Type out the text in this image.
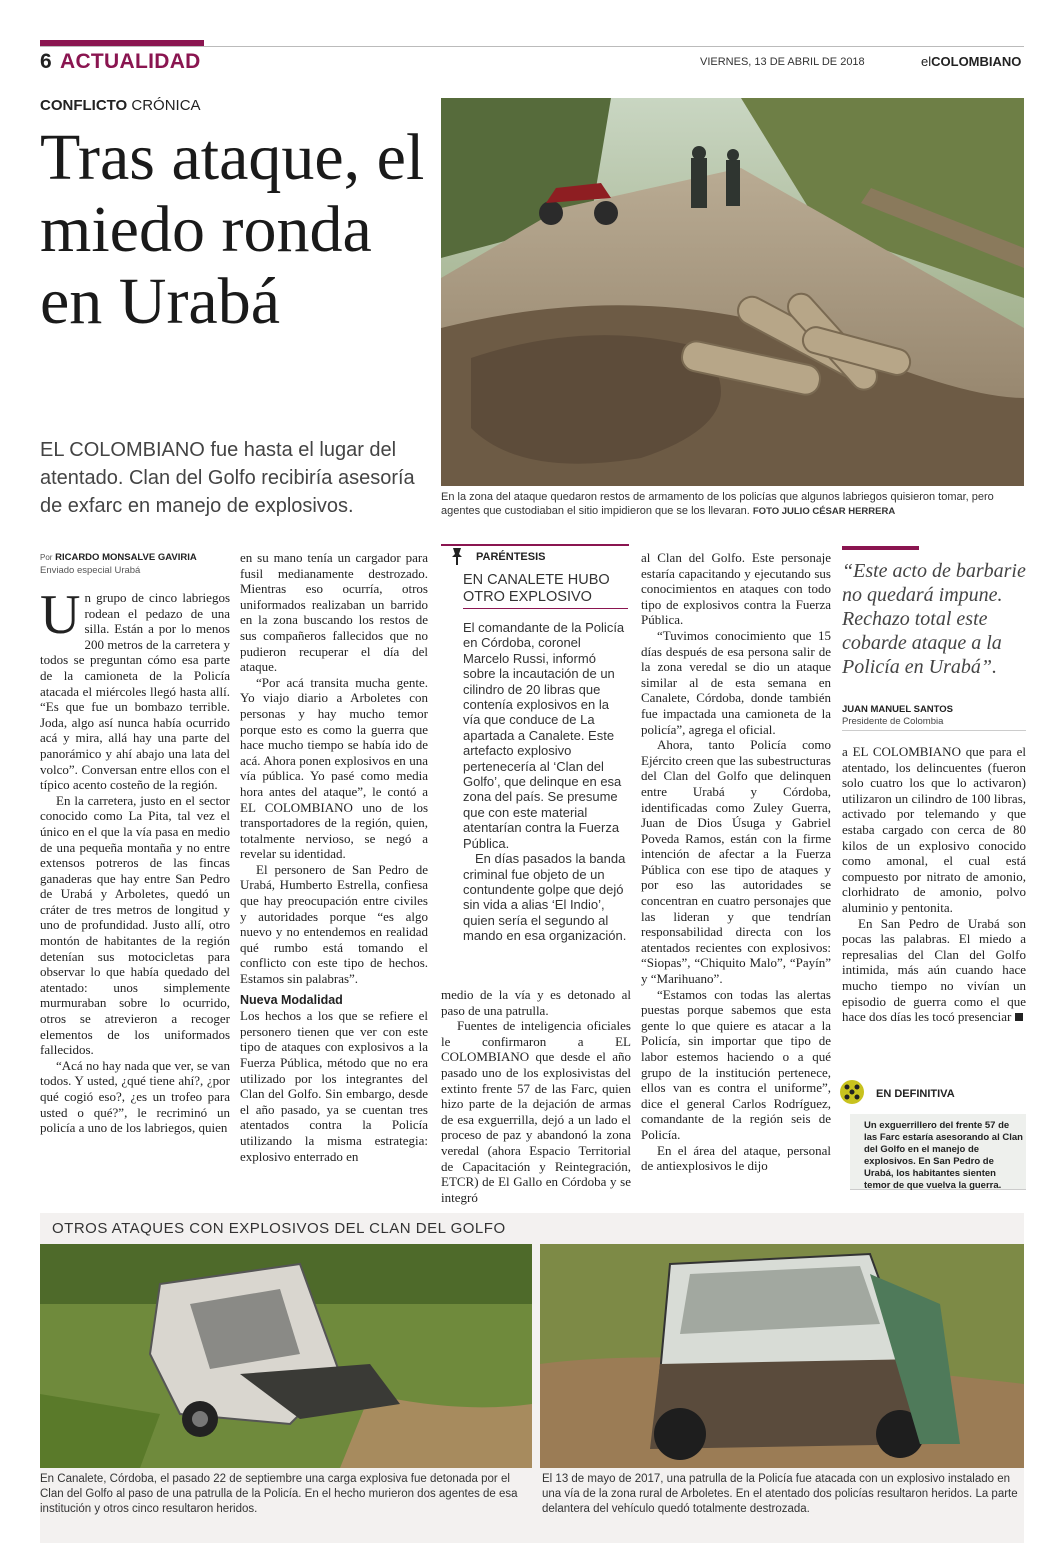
6 ACTUALIDAD	VIERNES, 13 DE ABRIL DE 2018	elCOLOMBIANO
CONFLICTO CRÓNICA
Tras ataque, el miedo ronda en Urabá
EL COLOMBIANO fue hasta el lugar del atentado. Clan del Golfo recibiría asesoría de exfarc en manejo de explosivos.	En la zona del ataque quedaron restos de armamento de los policías que algunos labriegos quisieron tomar, pero agentes que custodiaban el sitio impidieron que se los llevaran. FOTO JULIO CÉSAR HERRERA
Por RICARDO MONSALVE GAVIRIA
Enviado especial Urabá

Un grupo de cinco labriegos rodean el pedazo de una silla. Están a por lo menos 200 metros de la carretera y todos se preguntan cómo esa parte de la camioneta de la Policía atacada el miércoles llegó hasta allí. “Es que fue un bombazo terrible. Joda, algo así nunca había ocurrido acá y mira, allá hay una parte del panorámico y ahí abajo una lata del volco”. Conversan entre ellos con el típico acento costeño de la región.

En la carretera, justo en el sector conocido como La Pita, tal vez el único en el que la vía pasa en medio de una pequeña montaña y no entre extensos potreros de las fincas ganaderas que hay entre San Pedro de Urabá y Arboletes, quedó un cráter de tres metros de longitud y uno de profundidad. Justo allí, otro montón de habitantes de la región detenían sus motocicletas para observar lo que había quedado del atentado: unos simplemente murmuraban sobre lo ocurrido, otros se atrevieron a recoger elementos de los uniformados fallecidos.

“Acá no hay nada que ver, se van todos. Y usted, ¿qué tiene ahí?, ¿por qué cogió eso?, ¿es un trofeo para usted o qué?”, le recriminó un policía a uno de los labriegos, quien

en su mano tenía un cargador para fusil medianamente destrozado. Mientras eso ocurría, otros uniformados realizaban un barrido en la zona buscando los restos de sus compañeros fallecidos que no pudieron recuperar el día del ataque.

“Por acá transita mucha gente. Yo viajo diario a Arboletes con personas y hay mucho temor porque esto es como la guerra que hace mucho tiempo se había ido de acá. Ahora ponen explosivos en una vía pública. Yo pasé como media hora antes del ataque”, le contó a EL COLOMBIANO uno de los transportadores de la región, quien, totalmente nervioso, se negó a revelar su identidad.

El personero de San Pedro de Urabá, Humberto Estrella, confiesa que hay preocupación entre civiles y autoridades porque “es algo nuevo y no entendemos en realidad qué rumbo está tomando el conflicto con este tipo de hechos. Estamos sin palabras”.

Nueva Modalidad

Los hechos a los que se refiere el personero tienen que ver con este tipo de ataques con explosivos a la Fuerza Pública, método que no era utilizado por los integrantes del Clan del Golfo. Sin embargo, desde el año pasado, ya se cuentan tres atentados contra la Policía utilizando la misma estrategia: explosivo enterrado en

PARÉNTESIS
EN CANALETE HUBO OTRO EXPLOSIVO
El comandante de la Policía en Córdoba, coronel Marcelo Russi, informó sobre la incautación de un cilindro de 20 libras que contenía explosivos en la vía que conduce de La apartada a Canalete. Este artefacto explosivo pertenecería al ‘Clan del Golfo’, que delinque en esa zona del país. Se presume que con este material atentarían contra la Fuerza Pública.
En días pasados la banda criminal fue objeto de un contundente golpe que dejó sin vida a alias ‘El Indio’, quien sería el segundo al mando en esa organización.

medio de la vía y es detonado al paso de una patrulla.

Fuentes de inteligencia oficiales le confirmaron a EL COLOMBIANO que desde el año pasado uno de los explosivistas del extinto frente 57 de las Farc, quien hizo parte de la dejación de armas de esa exguerrilla, dejó a un lado el proceso de paz y abandonó la zona veredal (ahora Espacio Territorial de Capacitación y Reintegración, ETCR) de El Gallo en Córdoba y se integró

al Clan del Golfo. Este personaje estaría capacitando y ejecutando sus conocimientos en ataques con todo tipo de explosivos contra la Fuerza Pública.

“Tuvimos conocimiento que 15 días después de esa persona salir de la zona veredal se dio un ataque similar al de esta semana en Canalete, Córdoba, donde también fue impactada una camioneta de la policía”, agrega el oficial.

Ahora, tanto Policía como Ejército creen que las subestructuras del Clan del Golfo que delinquen entre Urabá y Córdoba, identificadas como Zuley Guerra, Juan de Dios Úsuga y Gabriel Poveda Ramos, están con la firme intención de afectar a la Fuerza Pública con ese tipo de ataques y por eso las autoridades se concentran en cuatro personajes que las lideran y que tendrían responsabilidad directa con los atentados recientes con explosivos: “Siopas”, “Chiquito Malo”, “Payín” y “Marihuano”.

“Estamos con todas las alertas puestas porque sabemos que esta gente lo que quiere es atacar a la Policía, sin importar que tipo de labor estemos haciendo o a qué grupo de la institución pertenece, ellos van es contra el uniforme”, dice el general Carlos Rodríguez, comandante de la región seis de Policía.

En el área del ataque, personal de antiexplosivos le dijo

“Este acto de barbarie no quedará impune. Rechazo total este cobarde ataque a la Policía en Urabá”.
JUAN MANUEL SANTOS
Presidente de Colombia

a EL COLOMBIANO que para el atentado, los delincuentes (fueron solo cuatro los que lo activaron) utilizaron un cilindro de 100 libras, activado por telemando y que estaba cargado con cerca de 80 kilos de un explosivo conocido como amonal, el cual está compuesto por nitrato de amonio, clorhidrato de amonio, polvo aluminio y pentonita.

En San Pedro de Urabá son pocas las palabras. El miedo a represalias del Clan del Golfo intimida, más aún cuando hace mucho tiempo no vivían un episodio de guerra como el que hace dos días les tocó presenciar

EN DEFINITIVA
Un exguerrillero del frente 57 de las Farc estaría asesorando al Clan del Golfo en el manejo de explosivos. En San Pedro de Urabá, los habitantes sienten temor de que vuelva la guerra.
OTROS ATAQUES CON EXPLOSIVOS DEL CLAN DEL GOLFO
En Canalete, Córdoba, el pasado 22 de septiembre una carga explosiva fue detonada por el Clan del Golfo al paso de una patrulla de la Policía. En el hecho murieron dos agentes de esa institución y otros cinco resultaron heridos.
El 13 de mayo de 2017, una patrulla de la Policía fue atacada con un explosivo instalado en una vía de la zona rural de Arboletes. En el atentado dos policías resultaron heridos. La parte delantera del vehículo quedó totalmente destrozada.
